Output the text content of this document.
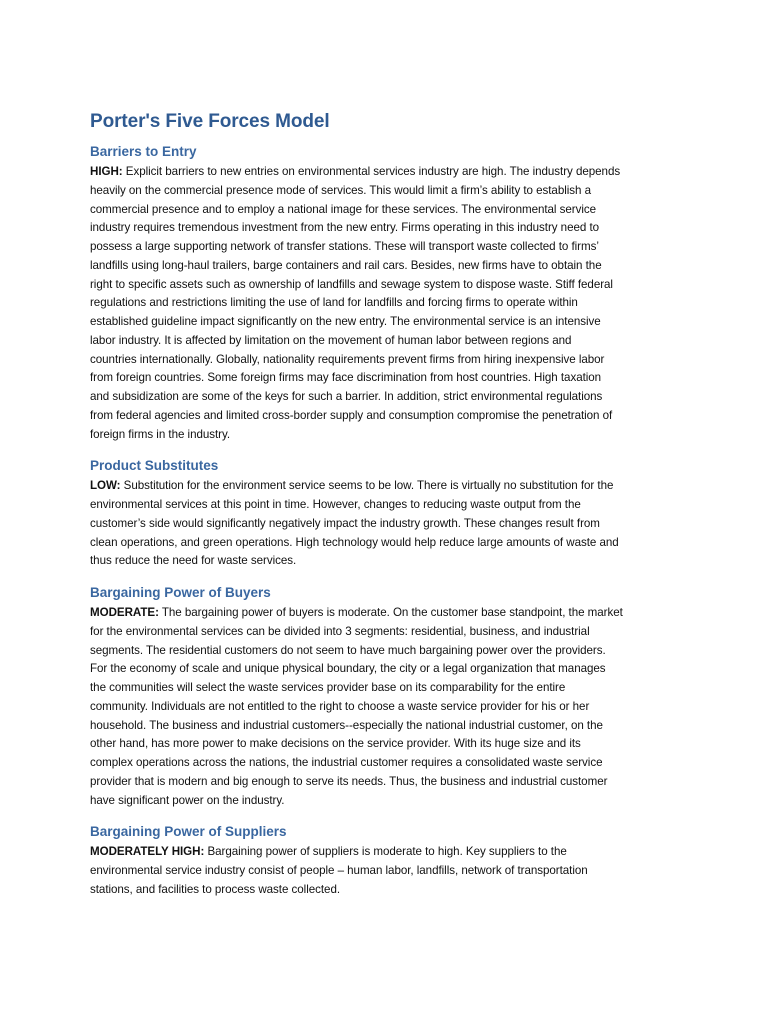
Porter's Five Forces Model
Barriers to Entry

HIGH: Explicit barriers to new entries on environmental services industry are high. The industry depends
heavily on the commercial presence mode of services. This would limit a firm’s ability to establish a
commercial presence and to employ a national image for these services. The environmental service
industry requires tremendous investment from the new entry. Firms operating in this industry need to
possess a large supporting network of transfer stations. These will transport waste collected to firms’
landfills using long-haul trailers, barge containers and rail cars. Besides, new firms have to obtain the
right to specific assets such as ownership of landfills and sewage system to dispose waste. Stiff federal
regulations and restrictions limiting the use of land for landfills and forcing firms to operate within
established guideline impact significantly on the new entry. The environmental service is an intensive
labor industry. It is affected by limitation on the movement of human labor between regions and
countries internationally. Globally, nationality requirements prevent firms from hiring inexpensive labor
from foreign countries. Some foreign firms may face discrimination from host countries. High taxation
and subsidization are some of the keys for such a barrier. In addition, strict environmental regulations
from federal agencies and limited cross-border supply and consumption compromise the penetration of
foreign firms in the industry.

Product Substitutes

LOW: Substitution for the environment service seems to be low. There is virtually no substitution for the
environmental services at this point in time. However, changes to reducing waste output from the
customer’s side would significantly negatively impact the industry growth. These changes result from
clean operations, and green operations. High technology would help reduce large amounts of waste and
thus reduce the need for waste services.

Bargaining Power of Buyers

MODERATE: The bargaining power of buyers is moderate. On the customer base standpoint, the market
for the environmental services can be divided into 3 segments: residential, business, and industrial
segments. The residential customers do not seem to have much bargaining power over the providers.
For the economy of scale and unique physical boundary, the city or a legal organization that manages
the communities will select the waste services provider base on its comparability for the entire
community. Individuals are not entitled to the right to choose a waste service provider for his or her
household. The business and industrial customers--especially the national industrial customer, on the
other hand, has more power to make decisions on the service provider. With its huge size and its
complex operations across the nations, the industrial customer requires a consolidated waste service
provider that is modern and big enough to serve its needs. Thus, the business and industrial customer
have significant power on the industry.

Bargaining Power of Suppliers

MODERATELY HIGH: Bargaining power of suppliers is moderate to high. Key suppliers to the
environmental service industry consist of people – human labor, landfills, network of transportation
stations, and facilities to process waste collected.
